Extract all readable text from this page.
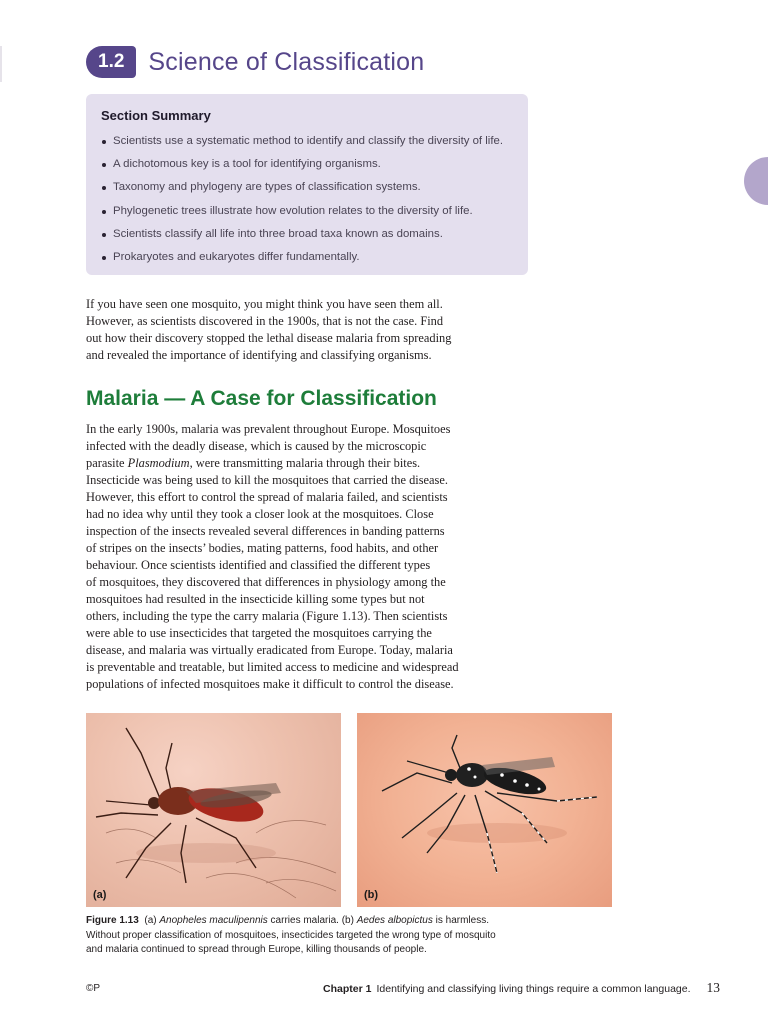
1.2 Science of Classification
Section Summary
Scientists use a systematic method to identify and classify the diversity of life.
A dichotomous key is a tool for identifying organisms.
Taxonomy and phylogeny are types of classification systems.
Phylogenetic trees illustrate how evolution relates to the diversity of life.
Scientists classify all life into three broad taxa known as domains.
Prokaryotes and eukaryotes differ fundamentally.
If you have seen one mosquito, you might think you have seen them all.
However, as scientists discovered in the 1900s, that is not the case. Find
out how their discovery stopped the lethal disease malaria from spreading
and revealed the importance of identifying and classifying organisms.
Malaria — A Case for Classification
In the early 1900s, malaria was prevalent throughout Europe. Mosquitoes
infected with the deadly disease, which is caused by the microscopic
parasite Plasmodium, were transmitting malaria through their bites.
Insecticide was being used to kill the mosquitoes that carried the disease.
However, this effort to control the spread of malaria failed, and scientists
had no idea why until they took a closer look at the mosquitoes. Close
inspection of the insects revealed several differences in banding patterns
of stripes on the insects’ bodies, mating patterns, food habits, and other
behaviour. Once scientists identified and classified the different types
of mosquitoes, they discovered that differences in physiology among the
mosquitoes had resulted in the insecticide killing some types but not
others, including the type the carry malaria (Figure 1.13). Then scientists
were able to use insecticides that targeted the mosquitoes carrying the
disease, and malaria was virtually eradicated from Europe. Today, malaria
is preventable and treatable, but limited access to medicine and widespread
populations of infected mosquitoes make it difficult to control the disease.
(a)	(b)
Figure 1.13 (a) Anopheles maculipennis carries malaria. (b) Aedes albopictus is harmless.
Without proper classification of mosquitoes, insecticides targeted the wrong type of mosquito
and malaria continued to spread through Europe, killing thousands of people.
©P	Chapter 1 Identifying and classifying living things require a common language. 13
